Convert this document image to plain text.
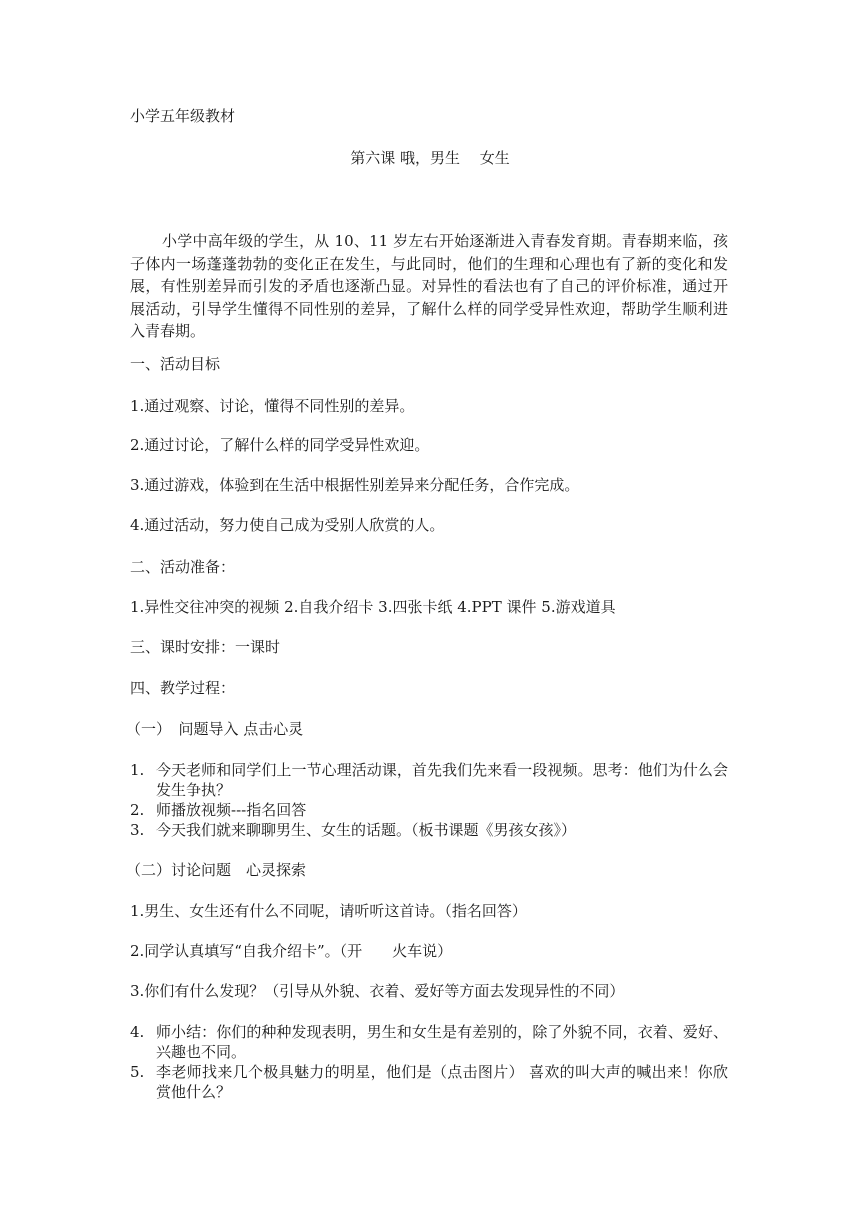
小学五年级教材
第六课 哦，男生　 女生
小学中高年级的学生，从 10、11 岁左右开始逐渐进入青春发育期。青春期来临，孩子体内一场蓬蓬勃勃的变化正在发生，与此同时，他们的生理和心理也有了新的变化和发展，有性别差异而引发的矛盾也逐渐凸显。对异性的看法也有了自己的评价标准，通过开展活动，引导学生懂得不同性别的差异，了解什么样的同学受异性欢迎，帮助学生顺利进入青春期。
一、活动目标
1.通过观察、讨论，懂得不同性别的差异。
2.通过讨论，了解什么样的同学受异性欢迎。
3.通过游戏，体验到在生活中根据性别差异来分配任务，合作完成。
4.通过活动，努力使自己成为受别人欣赏的人。
二、活动准备：
1.异性交往冲突的视频 2.自我介绍卡 3.四张卡纸 4.PPT 课件 5.游戏道具
三、课时安排：一课时
四、教学过程：
（一）　问题导入 点击心灵
1. 今天老师和同学们上一节心理活动课，首先我们先来看一段视频。思考：他们为什么会发生争执？
2. 师播放视频---指名回答
3. 今天我们就来聊聊男生、女生的话题。（板书课题《男孩女孩》）
（二）讨论问题　心灵探索
1.男生、女生还有什么不同呢，请听听这首诗。（指名回答）
2.同学认真填写“自我介绍卡”。（开　　火车说）
3.你们有什么发现？（引导从外貌、衣着、爱好等方面去发现异性的不同）
4. 师小结：你们的种种发现表明，男生和女生是有差别的，除了外貌不同，衣着、爱好、兴趣也不同。
5. 李老师找来几个极具魅力的明星，他们是（点击图片） 喜欢的叫大声的喊出来！你欣赏他什么？
